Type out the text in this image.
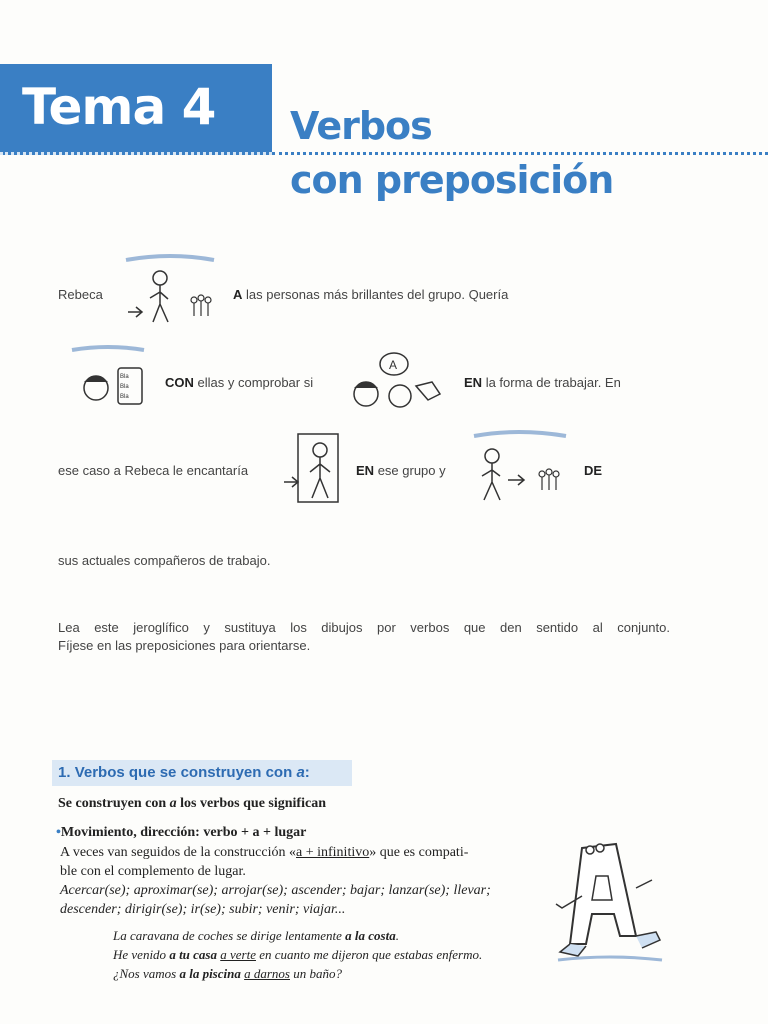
Tema 4 Verbos
con preposición
Rebeca	A las personas más brillantes del grupo. Quería
Bla
Bla
Bla
CON ellas y comprobar si
A
EN la forma de trabajar. En
ese caso a Rebeca le encantaría	EN ese grupo y	DE
sus actuales compañeros de trabajo.
Lea este jeroglífico y sustituya los dibujos por verbos que den sentido al conjunto.
Fíjese en las preposiciones para orientarse.
1. Verbos que se construyen con a:
Se construyen con a los verbos que significan
•Movimiento, dirección: verbo + a + lugar
A veces van seguidos de la construcción «a + infinitivo» que es compati-
ble con el complemento de lugar.
Acercar(se); aproximar(se); arrojar(se); ascender; bajar; lanzar(se); llevar;
descender; dirigir(se); ir(se); subir; venir; viajar...
La caravana de coches se dirige lentamente a la costa.
He venido a tu casa a verte en cuanto me dijeron que estabas enfermo.
¿Nos vamos a la piscina a darnos un baño?
